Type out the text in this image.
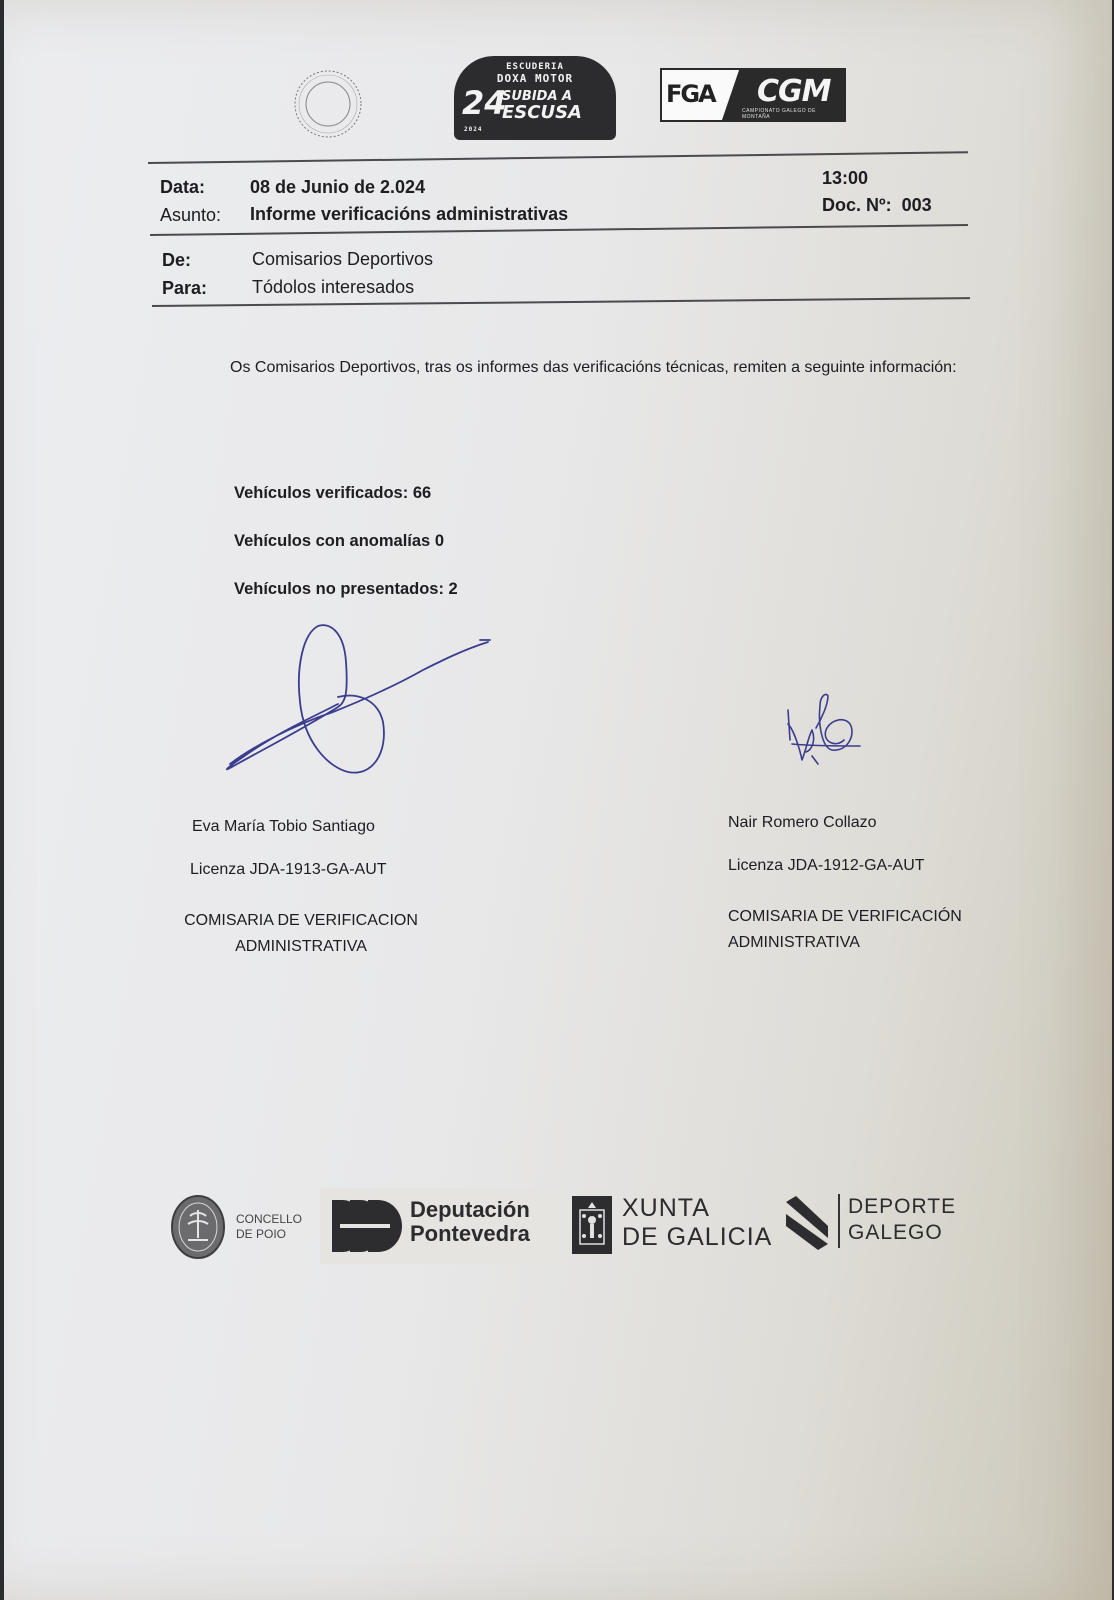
ESCUDERIA
DOXA MOTOR
24
SUBIDA A
ESCUSA
2024
FGA CGM
CAMPIONATO GALEGO DE MONTAÑA
Data: 08 de Junio de 2.024
Asunto: Informe verificacións administrativas
13:00
Doc. Nº: 003
De:	Comisarios Deportivos
Para: Tódolos interesados
Os Comisarios Deportivos, tras os informes das verificacións técnicas, remiten a seguinte información:
Vehículos verificados: 66
Vehículos con anomalías 0
Vehículos no presentados: 2
Eva María Tobio Santiago
Licenza JDA-1913-GA-AUT
COMISARIA DE VERIFICACION
ADMINISTRATIVA
Nair Romero Collazo
Licenza JDA-1912-GA-AUT
COMISARIA DE VERIFICACIÓN
ADMINISTRATIVA
CONCELLO
DE POIO
Deputación
Pontevedra
XUNTA
DE GALICIA
DEPORTE
GALEGO
